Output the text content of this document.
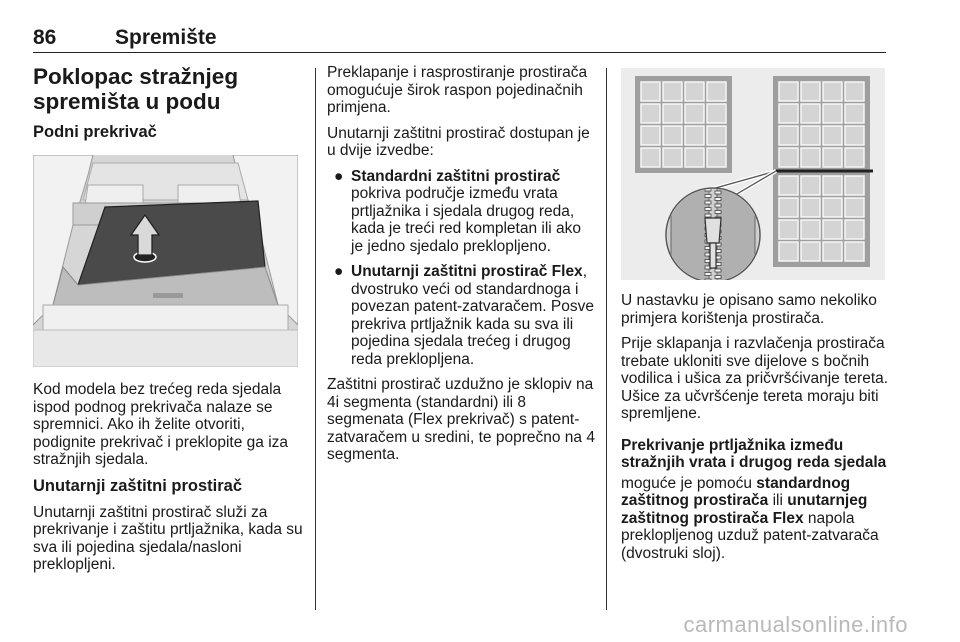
86	Spremište
Poklopac stražnjeg spremišta u podu
Podni prekrivač

Kod modela bez trećeg reda sjedala ispod podnog prekrivača nalaze se spremnici. Ako ih želite otvoriti, podignite prekrivač i preklopite ga iza stražnjih sjedala.

Unutarnji zaštitni prostirač

Unutarnji zaštitni prostirač služi za prekrivanje i zaštitu prtljažnika, kada su sva ili pojedina sjedala/nasloni preklopljeni.

Preklapanje i rasprostiranje prostirača omogućuje širok raspon pojedinačnih primjena.

Unutarnji zaštitni prostirač dostupan je u dvije izvedbe:

● Standardni zaštitni prostirač
pokriva područje između vrata prtljažnika i sjedala drugog reda, kada je treći red kompletan ili ako je jedno sjedalo preklopljeno.
● Unutarnji zaštitni prostirač Flex, dvostruko veći od standardnoga i povezan patent-zatvaračem. Posve prekriva prtljažnik kada su sva ili pojedina sjedala trećeg i drugog reda preklopljena.

Zaštitni prostirač uzdužno je sklopiv na 4i segmenta (standardni) ili 8 segmenata (Flex prekrivač) s patent-zatvaračem u sredini, te poprečno na 4 segmenta.

U nastavku je opisano samo nekoliko primjera korištenja prostirača.

Prije sklapanja i razvlačenja prostirača trebate ukloniti sve dijelove s bočnih vodilica i ušica za pričvršćivanje tereta. Ušice za učvršćenje tereta moraju biti spremljene.

Prekrivanje prtljažnika između stražnjih vrata i drugog reda sjedala

moguće je pomoću standardnog zaštitnog prostirača ili unutarnjeg zaštitnog prostirača Flex napola preklopljenog uzduž patent-zatvarača (dvostruki sloj).

carmanualsonline.info
